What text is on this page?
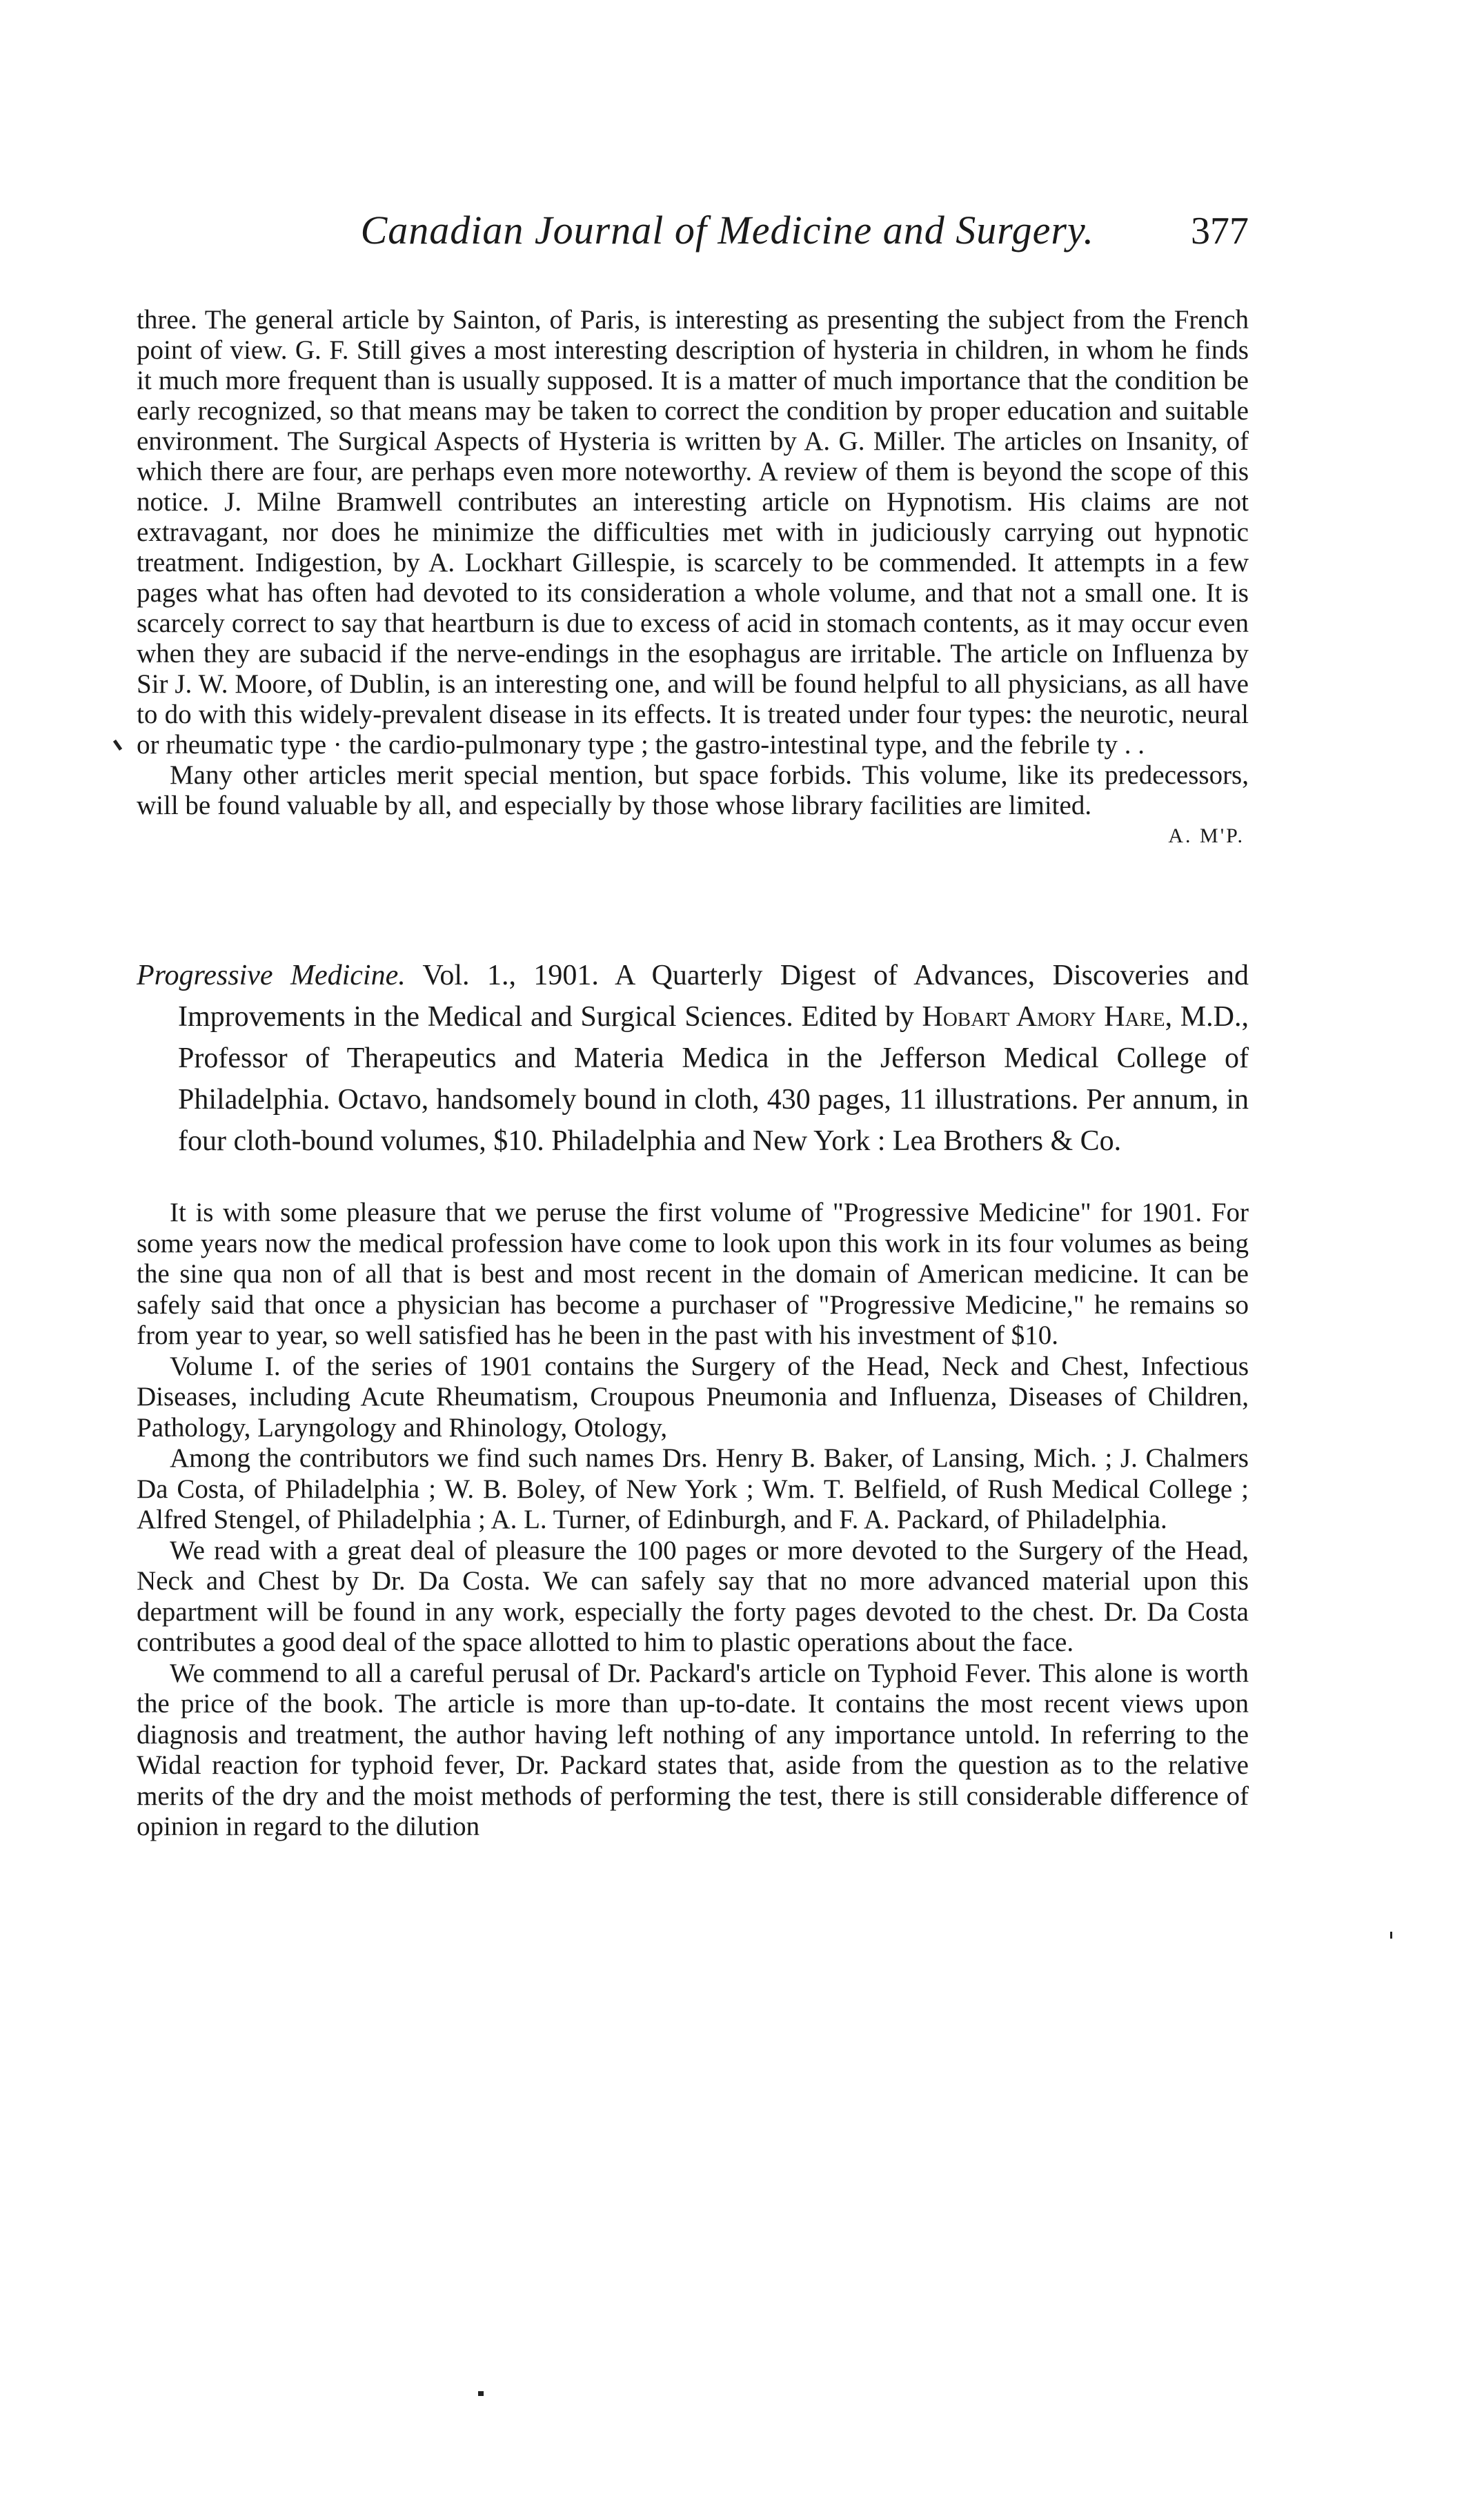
Canadian Journal of Medicine and Surgery.	377

three. The general article by Sainton, of Paris, is interesting as presenting the subject from the French point of view. G. F. Still gives a most interesting description of hysteria in children, in whom he finds it much more frequent than is usually supposed. It is a matter of much importance that the condition be early recognized, so that means may be taken to correct the condition by proper education and suitable environment. The Surgical Aspects of Hysteria is written by A. G. Miller. The articles on Insanity, of which there are four, are perhaps even more noteworthy. A review of them is beyond the scope of this notice. J. Milne Bramwell contributes an interesting article on Hypnotism. His claims are not extravagant, nor does he minimize the difficulties met with in judiciously carrying out hypnotic treatment. Indigestion, by A. Lockhart Gillespie, is scarcely to be commended. It attempts in a few pages what has often had devoted to its consideration a whole volume, and that not a small one. It is scarcely correct to say that heartburn is due to excess of acid in stomach contents, as it may occur even when they are subacid if the nerve-endings in the esophagus are irritable. The article on Influenza by Sir J. W. Moore, of Dublin, is an interesting one, and will be found helpful to all physicians, as all have to do with this widely-prevalent disease in its effects. It is treated under four types: the neurotic, neural or rheumatic type · the cardio-pulmonary type ; the gastro-intestinal type, and the febrile ty . .

Many other articles merit special mention, but space forbids. This volume, like its predecessors, will be found valuable by all, and especially by those whose library facilities are limited.

A. M'P.
Progressive Medicine. Vol. 1., 1901. A Quarterly Digest of Advances, Discoveries and Improvements in the Medical and Surgical Sciences. Edited by Hobart Amory Hare, M.D., Professor of Therapeutics and Materia Medica in the Jefferson Medical College of Philadelphia. Octavo, handsomely bound in cloth, 430 pages, 11 illustrations. Per annum, in four cloth-bound volumes, $10. Philadelphia and New York : Lea Brothers & Co.

It is with some pleasure that we peruse the first volume of "Progressive Medicine" for 1901. For some years now the medical profession have come to look upon this work in its four volumes as being the sine qua non of all that is best and most recent in the domain of American medicine. It can be safely said that once a physician has become a purchaser of "Progressive Medicine," he remains so from year to year, so well satisfied has he been in the past with his investment of $10.

Volume I. of the series of 1901 contains the Surgery of the Head, Neck and Chest, Infectious Diseases, including Acute Rheumatism, Croupous Pneumonia and Influenza, Diseases of Children, Pathology, Laryngology and Rhinology, Otology,

Among the contributors we find such names Drs. Henry B. Baker, of Lansing, Mich. ; J. Chalmers Da Costa, of Philadelphia ; W. B. Boley, of New York ; Wm. T. Belfield, of Rush Medical College ; Alfred Stengel, of Philadelphia ; A. L. Turner, of Edinburgh, and F. A. Packard, of Philadelphia.

We read with a great deal of pleasure the 100 pages or more devoted to the Surgery of the Head, Neck and Chest by Dr. Da Costa. We can safely say that no more advanced material upon this department will be found in any work, especially the forty pages devoted to the chest. Dr. Da Costa contributes a good deal of the space allotted to him to plastic operations about the face.

We commend to all a careful perusal of Dr. Packard's article on Typhoid Fever. This alone is worth the price of the book. The article is more than up-to-date. It contains the most recent views upon diagnosis and treatment, the author having left nothing of any importance untold. In referring to the Widal reaction for typhoid fever, Dr. Packard states that, aside from the question as to the relative merits of the dry and the moist methods of performing the test, there is still considerable difference of opinion in regard to the dilution
